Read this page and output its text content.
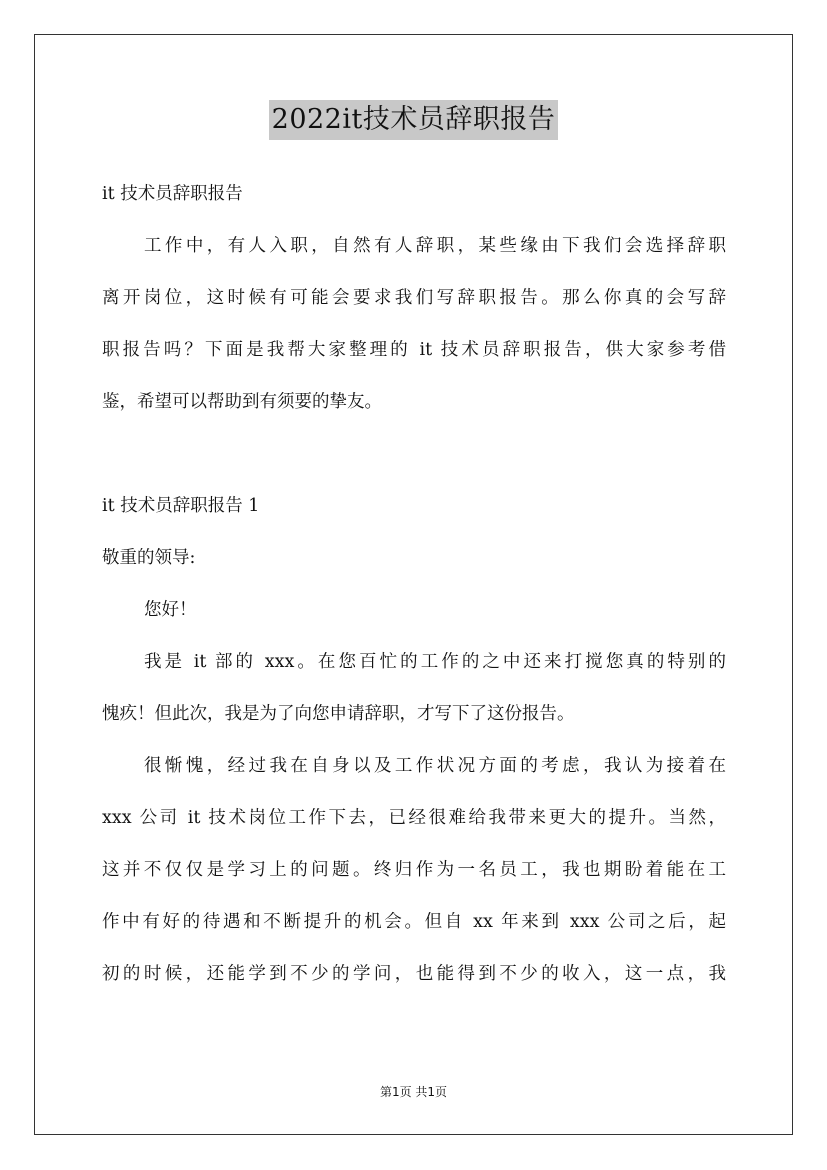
2022it技术员辞职报告
it 技术员辞职报告
工作中，有人入职，自然有人辞职，某些缘由下我们会选择辞职
离开岗位，这时候有可能会要求我们写辞职报告。那么你真的会写辞
职报告吗？下面是我帮大家整理的 it 技术员辞职报告，供大家参考借
鉴，希望可以帮助到有须要的挚友。
it 技术员辞职报告 1
敬重的领导:
您好！
我是 it 部的 xxx。在您百忙的工作的之中还来打搅您真的特别的
愧疚！但此次，我是为了向您申请辞职，才写下了这份报告。
很惭愧，经过我在自身以及工作状况方面的考虑，我认为接着在
xxx 公司 it 技术岗位工作下去，已经很难给我带来更大的提升。当然，
这并不仅仅是学习上的问题。终归作为一名员工，我也期盼着能在工
作中有好的待遇和不断提升的机会。但自 xx 年来到 xxx 公司之后，起
初的时候，还能学到不少的学问，也能得到不少的收入，这一点，我
第1页 共1页
